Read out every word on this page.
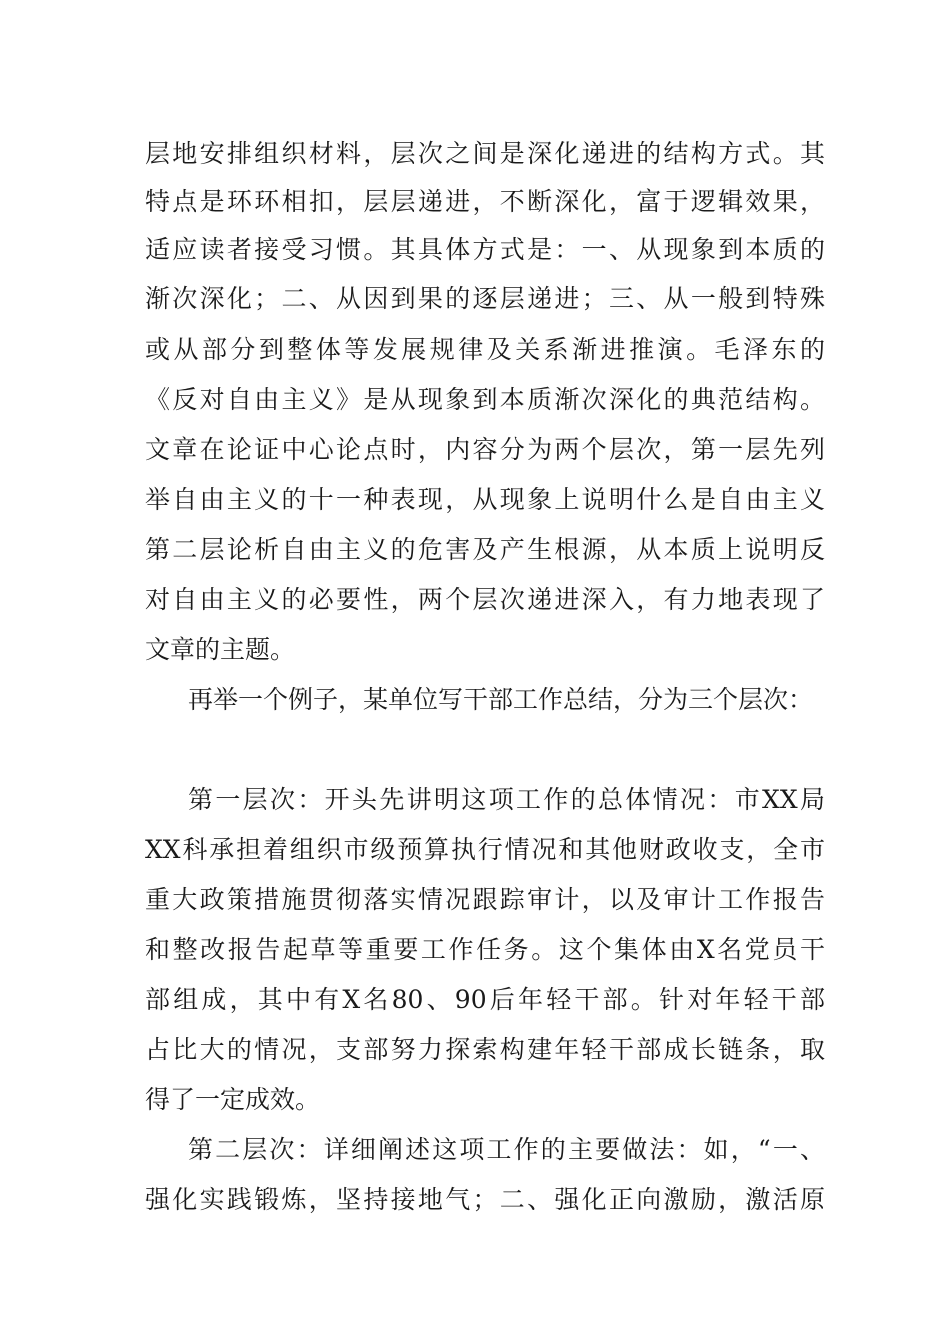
层地安排组织材料，层次之间是深化递进的结构方式。其
特点是环环相扣，层层递进，不断深化，富于逻辑效果，
适应读者接受习惯。其具体方式是：一、从现象到本质的
渐次深化；二、从因到果的逐层递进；三、从一般到特殊
或从部分到整体等发展规律及关系渐进推演。毛泽东的
《反对自由主义》是从现象到本质渐次深化的典范结构。
文章在论证中心论点时，内容分为两个层次，第一层先列
举自由主义的十一种表现，从现象上说明什么是自由主义
第二层论析自由主义的危害及产生根源，从本质上说明反
对自由主义的必要性，两个层次递进深入，有力地表现了
文章的主题。
再举一个例子，某单位写干部工作总结，分为三个层次：
第一层次：开头先讲明这项工作的总体情况：市XX局
XX科承担着组织市级预算执行情况和其他财政收支，全市
重大政策措施贯彻落实情况跟踪审计，以及审计工作报告
和整改报告起草等重要工作任务。这个集体由X名党员干
部组成，其中有X名80、90后年轻干部。针对年轻干部
占比大的情况，支部努力探索构建年轻干部成长链条，取
得了一定成效。
第二层次：详细阐述这项工作的主要做法：如，“一、
强化实践锻炼，坚持接地气；二、强化正向激励，激活原
